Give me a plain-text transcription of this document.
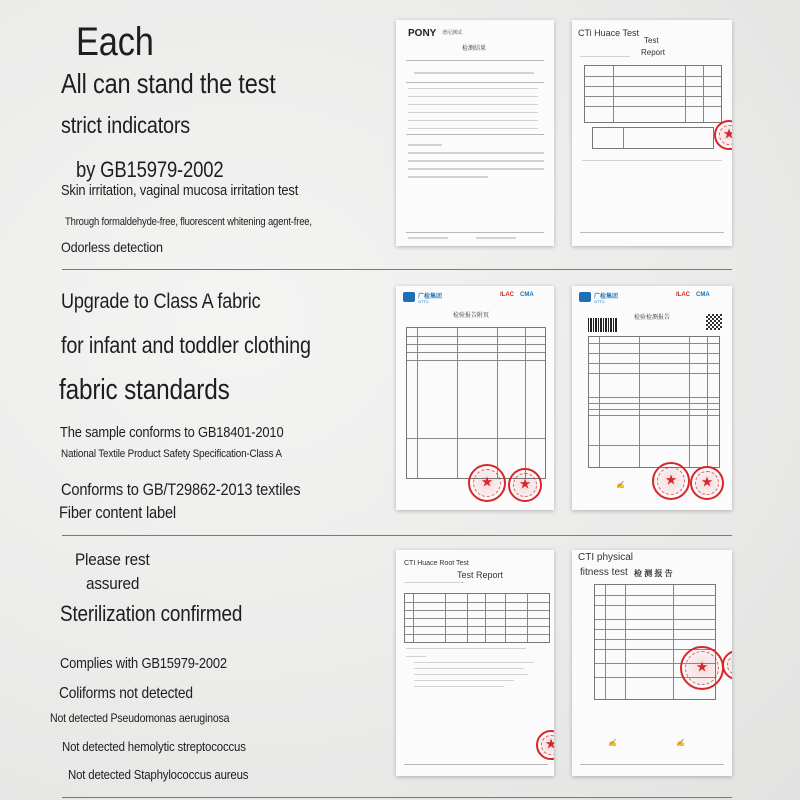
Each
All can stand the test
strict indicators
by GB15979-2002
Skin irritation, vaginal mucosa irritation test
Through formaldehyde-free, fluorescent whitening agent-free,
Odorless detection
Upgrade to Class A fabric
for infant and toddler clothing
fabric standards
The sample conforms to GB18401-2010
National Textile Product Safety Specification-Class A
Conforms to GB/T29862-2013 textiles
Fiber content label
Please rest
assured
Sterilization confirmed
Complies with GB15979-2002
Coliforms not detected
Not detected Pseudomonas aeruginosa
Not detected hemolytic streptococcus
Not detected Staphylococcus aureus
PONY 谱尼测试
检测结果
CTi Huace Test
Test
Report
★
广检集团
GTTC
ILAC CMA
检验报告附页
★
★
广检集团
GTTC
ILAC CMA
检验检测报告
★
★
✍
CTI Huace Root Test
Test Report
★
CTI physical
fitness test 检 测 报 告
★
★
✍	✍
